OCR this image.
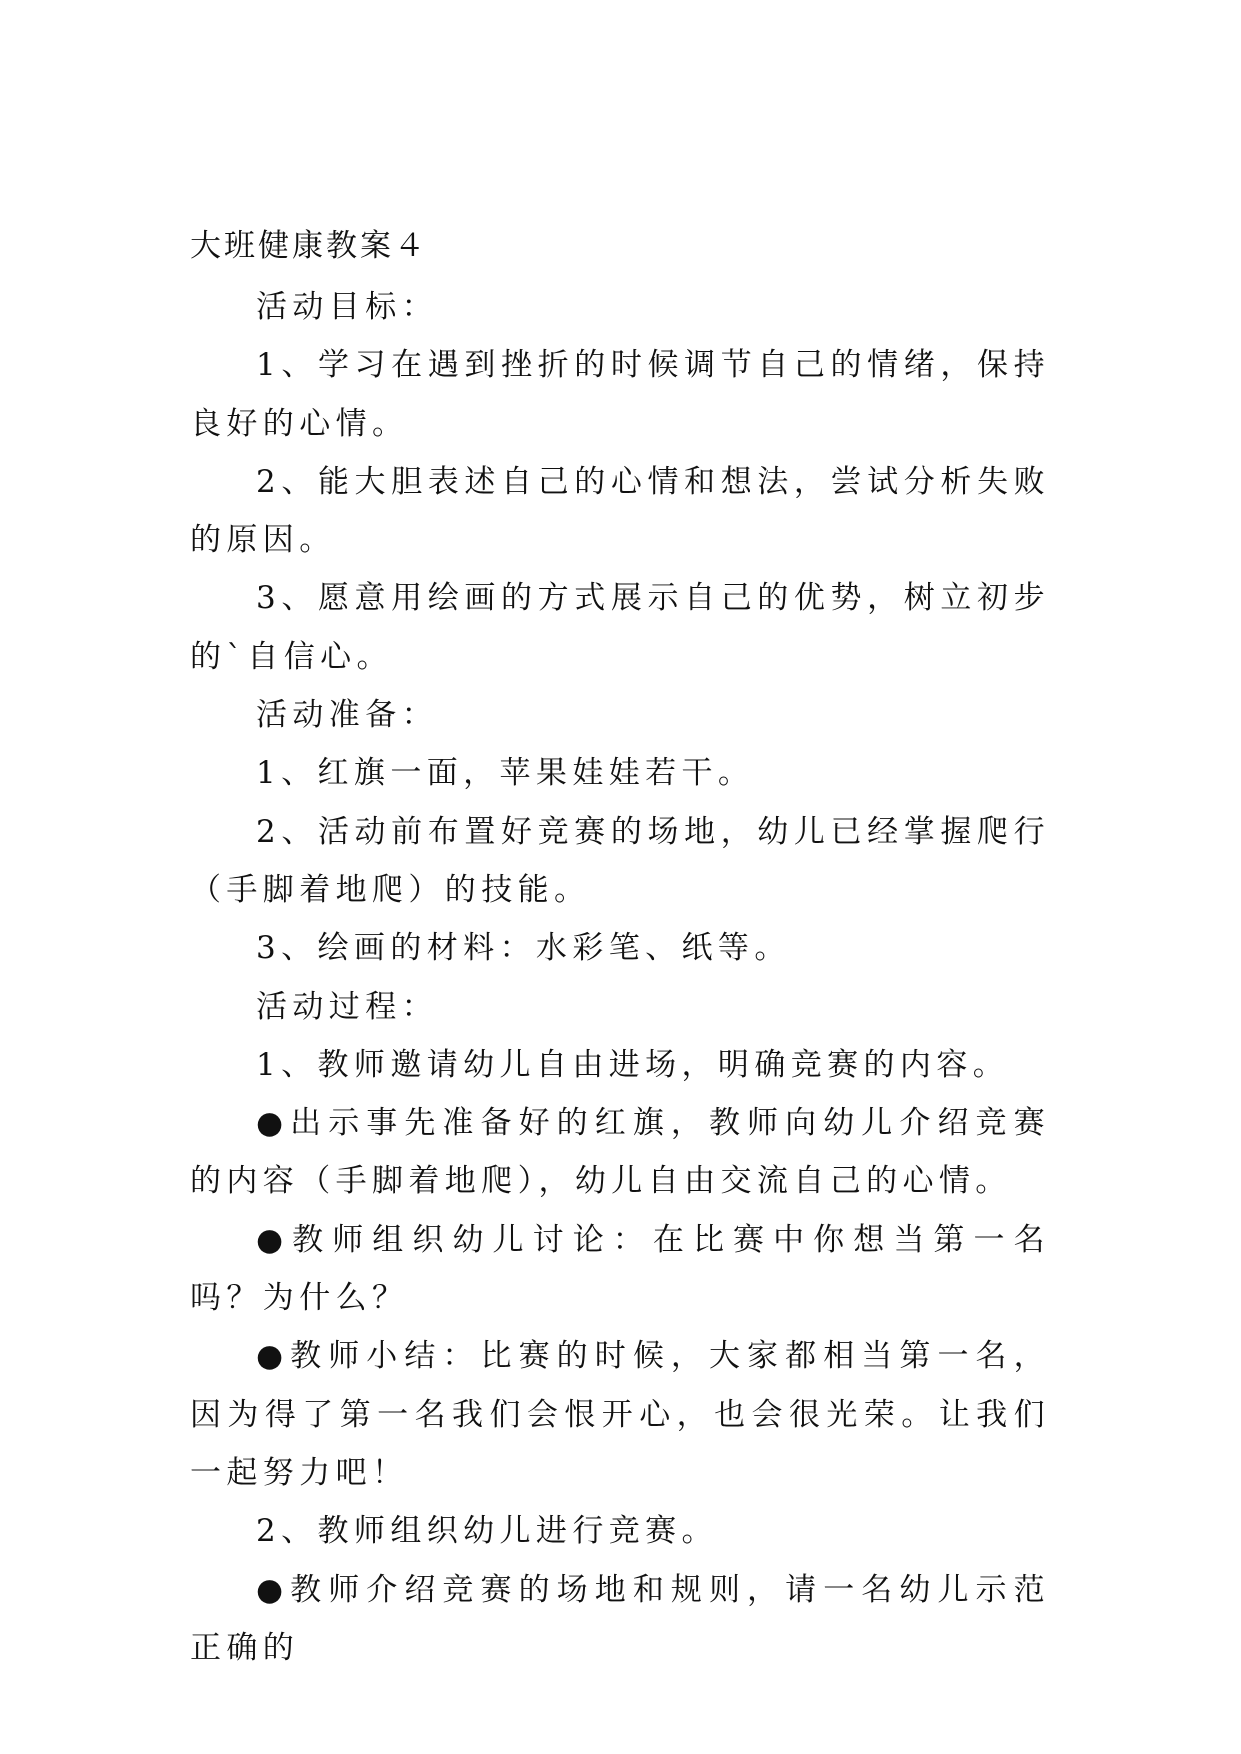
大班健康教案４

活动目标：

1、学习在遇到挫折的时候调节自己的情绪，保持良好的心情。

2、能大胆表述自己的心情和想法，尝试分析失败的原因。

3、愿意用绘画的方式展示自己的优势，树立初步的`自信心。

活动准备：

1、红旗一面，苹果娃娃若干。

2、活动前布置好竞赛的场地，幼儿已经掌握爬行（手脚着地爬）的技能。

3、绘画的材料：水彩笔、纸等。

活动过程：

1、教师邀请幼儿自由进场，明确竞赛的内容。

●出示事先准备好的红旗，教师向幼儿介绍竞赛的内容（手脚着地爬），幼儿自由交流自己的心情。

●教师组织幼儿讨论：在比赛中你想当第一名吗？为什么？

●教师小结：比赛的时候，大家都相当第一名，因为得了第一名我们会恨开心，也会很光荣。让我们一起努力吧！

2、教师组织幼儿进行竞赛。

●教师介绍竞赛的场地和规则，请一名幼儿示范正确的
